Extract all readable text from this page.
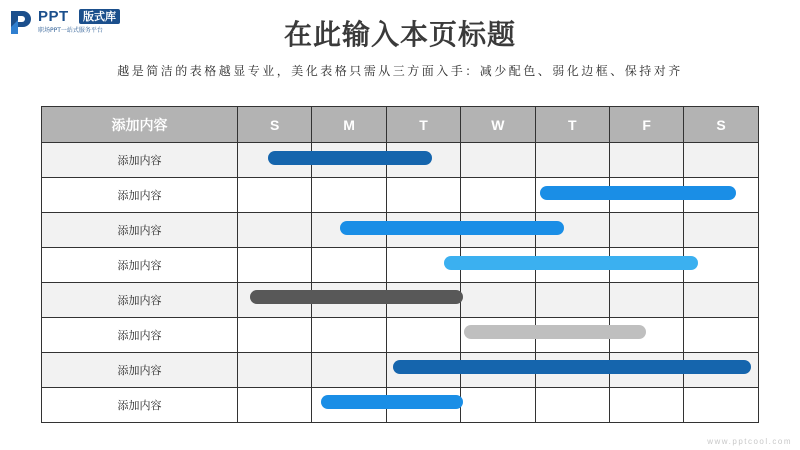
PPT	版式库
职场PPT一站式服务平台	在此输入本页标题
越是简洁的表格越显专业，美化表格只需从三方面入手：减少配色、弱化边框、保持对齐
添加内容	S	M	T	W	T	F	S
添加内容							
添加内容							
添加内容							
添加内容							
添加内容							
添加内容							
添加内容							
添加内容							
www.pptcool.com
